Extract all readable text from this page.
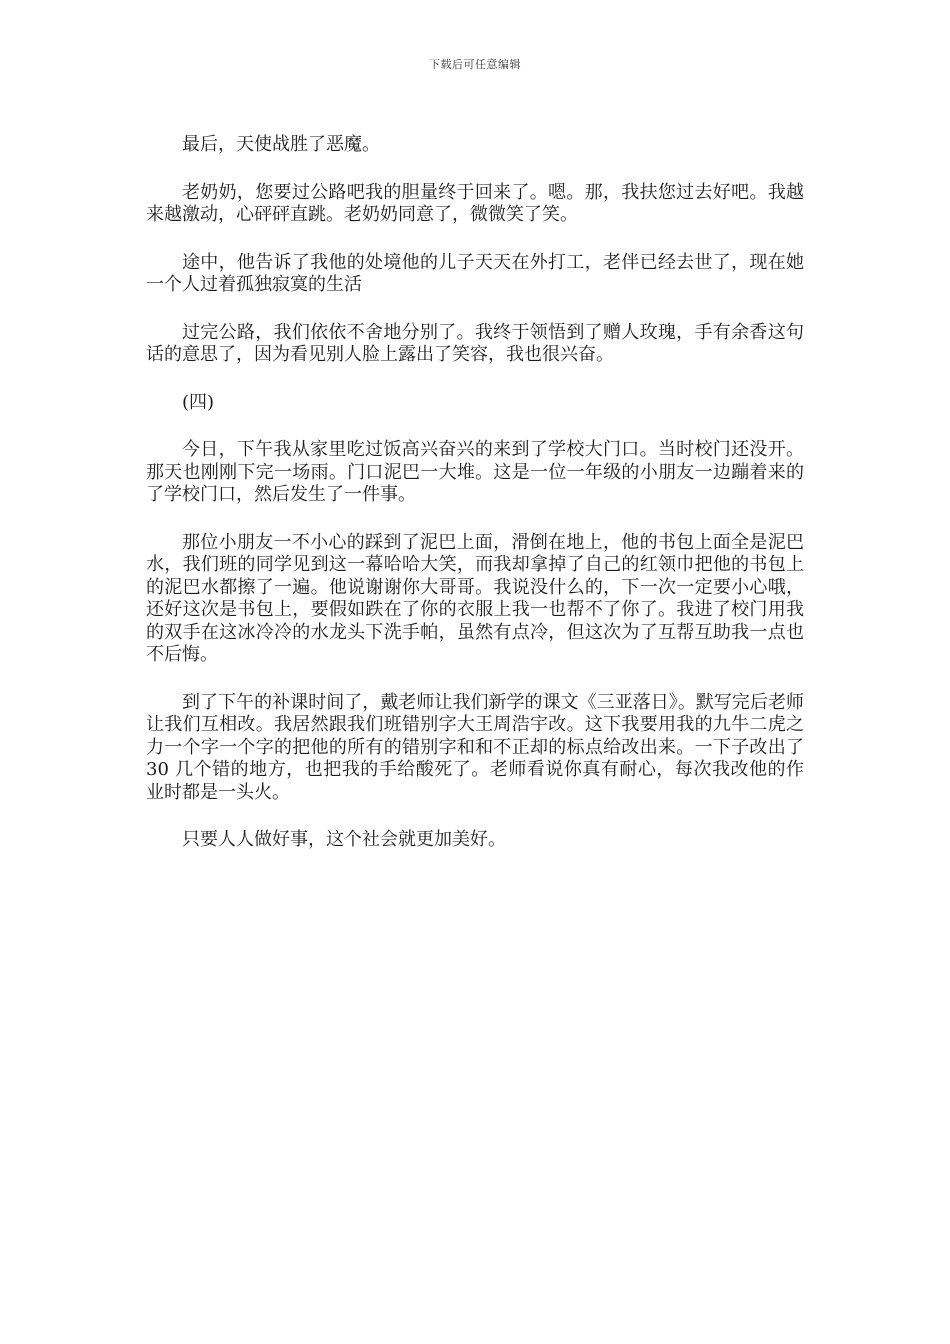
下载后可任意编辑

最后，天使战胜了恶魔。

老奶奶，您要过公路吧我的胆量终于回来了。嗯。那，我扶您过去好吧。我越来越激动，心砰砰直跳。老奶奶同意了，微微笑了笑。

途中，他告诉了我他的处境他的儿子天天在外打工，老伴已经去世了，现在她一个人过着孤独寂寞的生活

过完公路，我们依依不舍地分别了。我终于领悟到了赠人玫瑰，手有余香这句话的意思了，因为看见别人脸上露出了笑容，我也很兴奋。

(四)

今日，下午我从家里吃过饭高兴奋兴的来到了学校大门口。当时校门还没开。那天也刚刚下完一场雨。门口泥巴一大堆。这是一位一年级的小朋友一边蹦着来的了学校门口，然后发生了一件事。

那位小朋友一不小心的踩到了泥巴上面，滑倒在地上，他的书包上面全是泥巴水，我们班的同学见到这一幕哈哈大笑，而我却拿掉了自己的红领巾把他的书包上的泥巴水都擦了一遍。他说谢谢你大哥哥。我说没什么的，下一次一定要小心哦，还好这次是书包上，要假如跌在了你的衣服上我一也帮不了你了。我进了校门用我的双手在这冰冷冷的水龙头下洗手帕，虽然有点冷，但这次为了互帮互助我一点也不后悔。

到了下午的补课时间了，戴老师让我们新学的课文《三亚落日》。默写完后老师让我们互相改。我居然跟我们班错别字大王周浩宇改。这下我要用我的九牛二虎之力一个字一个字的把他的所有的错别字和和不正却的标点给改出来。一下子改出了 30 几个错的地方，也把我的手给酸死了。老师看说你真有耐心，每次我改他的作业时都是一头火。

只要人人做好事，这个社会就更加美好。
